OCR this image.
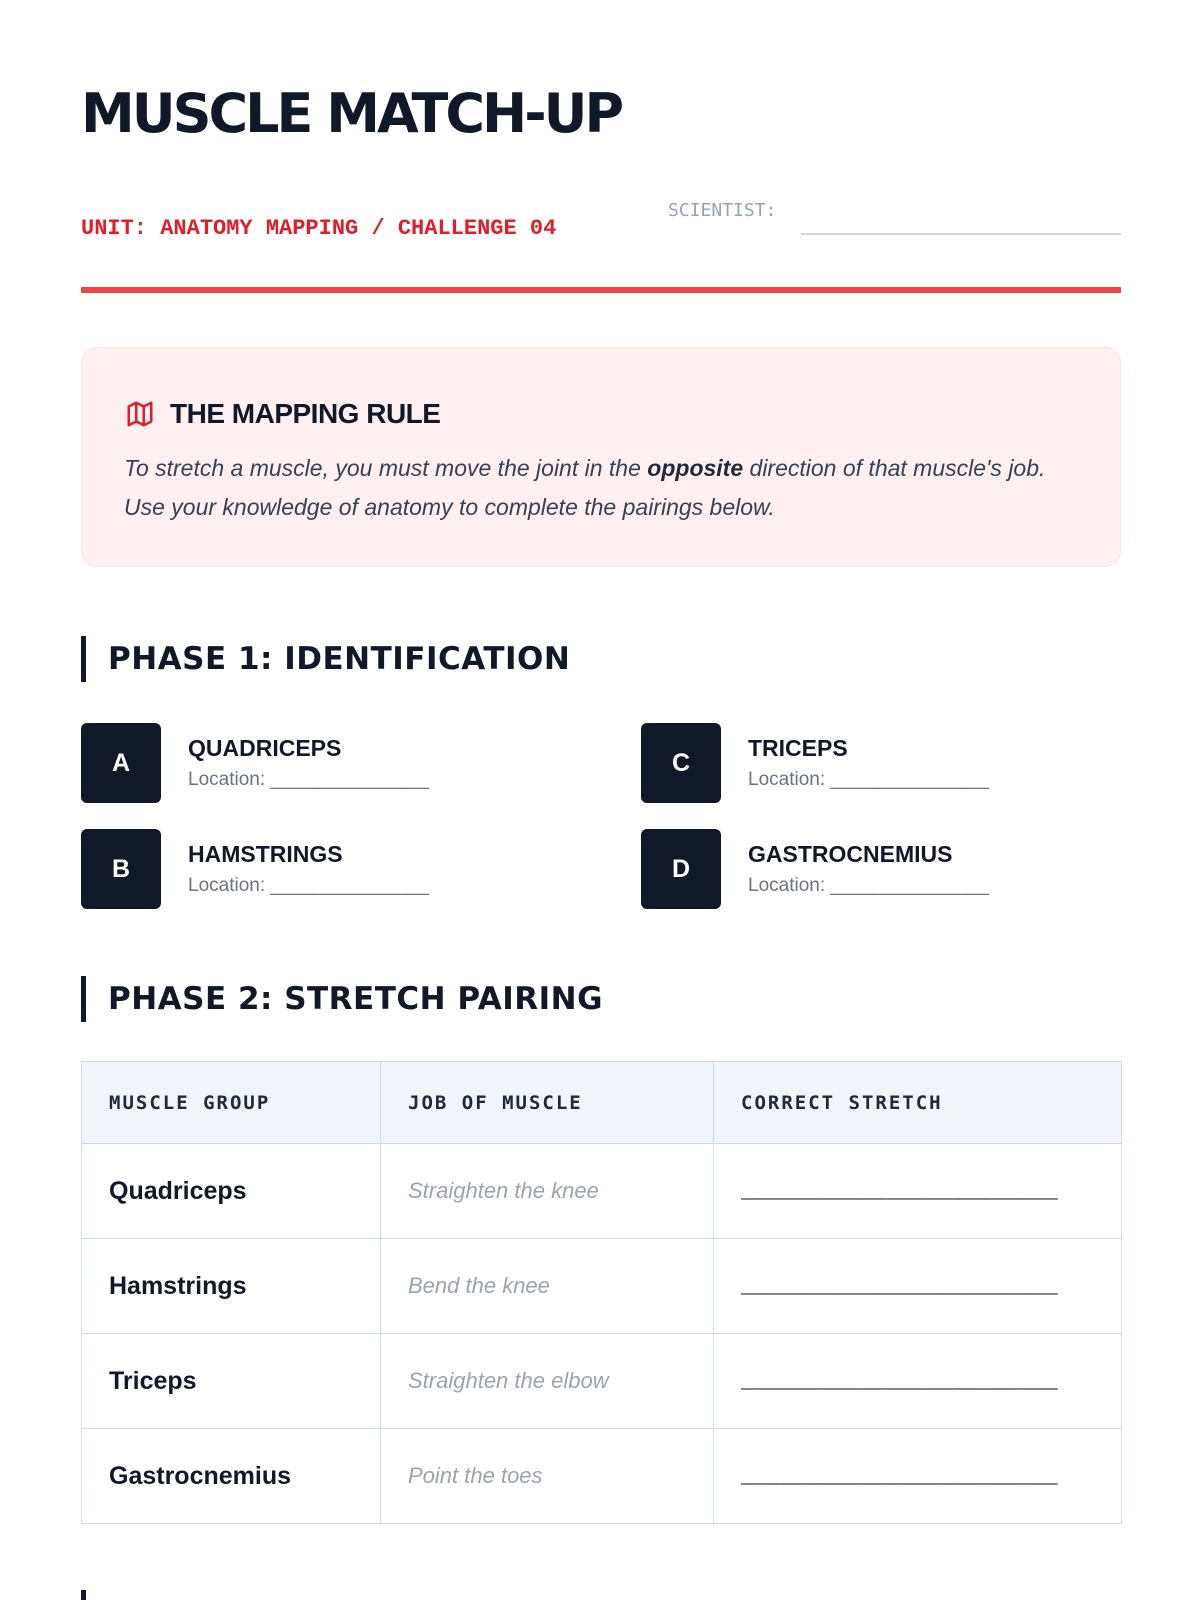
MUSCLE MATCH-UP
UNIT: ANATOMY MAPPING / CHALLENGE 04
SCIENTIST:
THE MAPPING RULE

To stretch a muscle, you must move the joint in the opposite direction of that muscle's job. Use your knowledge of anatomy to complete the pairings below.

PHASE 1: IDENTIFICATION
A
QUADRICEPS
Location: _______________
B
HAMSTRINGS
Location: _______________
C
TRICEPS
Location: _______________
D
GASTROCNEMIUS
Location: _______________
PHASE 2: STRETCH PAIRING
MUSCLE GROUP	JOB OF MUSCLE	CORRECT STRETCH
Quadriceps	Straighten the knee	________________________
Hamstrings	Bend the knee	________________________
Triceps	Straighten the elbow	________________________
Gastrocnemius	Point the toes	________________________
